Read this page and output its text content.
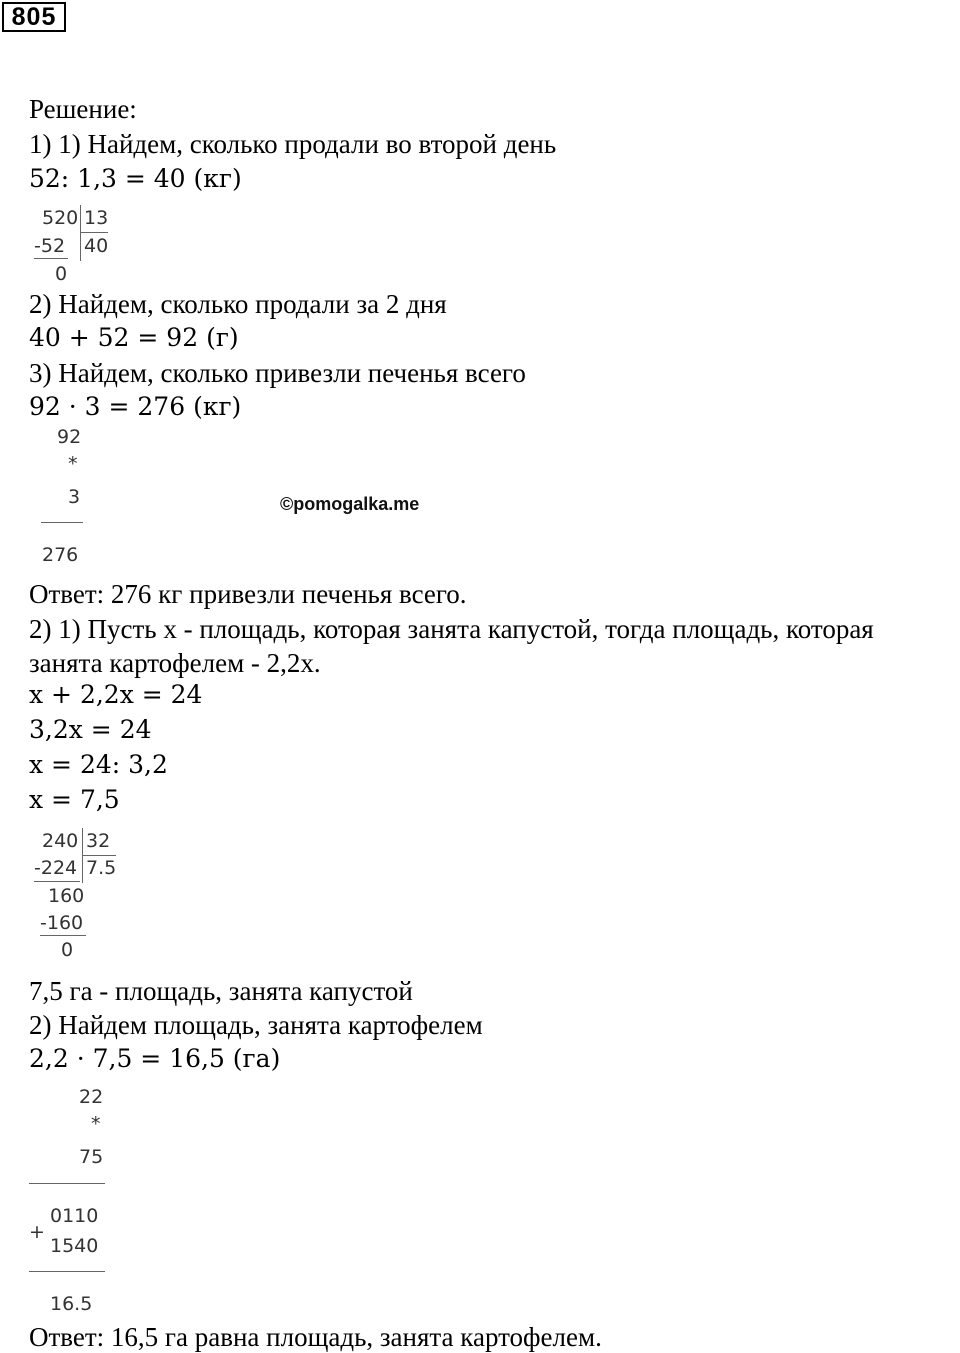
805
Решение:
1) 1) Найдем, сколько продали во второй день
52: 1,3 = 40 (кг)
520 13
-52 40
0
2) Найдем, сколько продали за 2 дня
40 + 52 = 92 (г)
3) Найдем, сколько привезли печенья всего
92 · 3 = 276 (кг)
92
*
3
276
©pomogalka.me
Ответ: 276 кг привезли печенья всего.
2) 1) Пусть x - площадь, которая занята капустой, тогда площадь, которая
занята картофелем - 2,2x.
x + 2,2x = 24
3,2x = 24
x = 24: 3,2
x = 7,5
240 32
-224 7.5
160
-160
0
7,5 га - площадь, занята капустой
2) Найдем площадь, занята картофелем
2,2 · 7,5 = 16,5 (га)
22
*
75
0110
+
1540
16.5
Ответ: 16,5 га равна площадь, занята картофелем.
